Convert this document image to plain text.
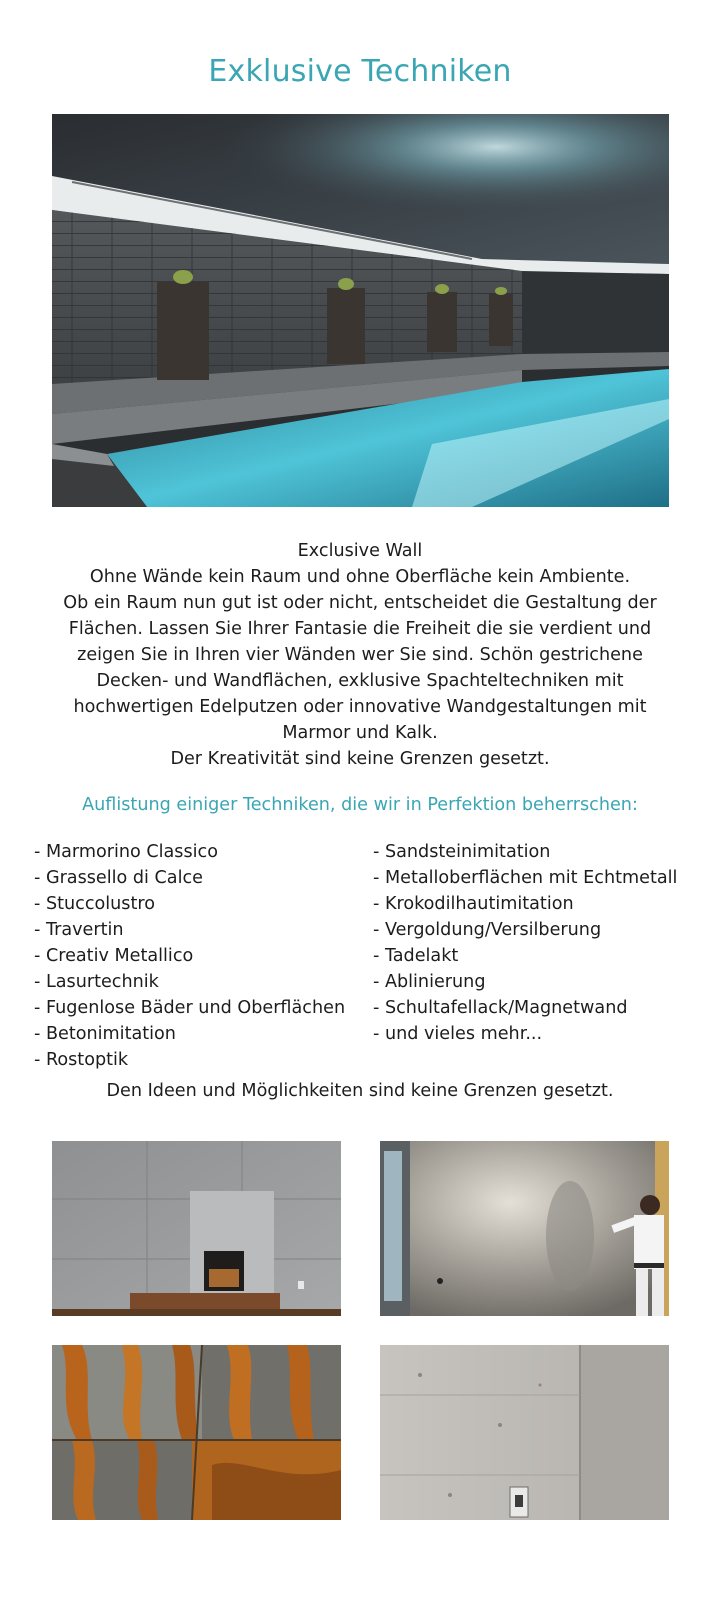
Exklusive Techniken
Exclusive Wall
Ohne Wände kein Raum und ohne Oberfläche kein Ambiente.
Ob ein Raum nun gut ist oder nicht, entscheidet die Gestaltung der
Flächen. Lassen Sie Ihrer Fantasie die Freiheit die sie verdient und
zeigen Sie in Ihren vier Wänden wer Sie sind. Schön gestrichene
Decken- und Wandflächen, exklusive Spachteltechniken mit
hochwertigen Edelputzen oder innovative Wandgestaltungen mit
Marmor und Kalk.
Der Kreativität sind keine Grenzen gesetzt.
Auflistung einiger Techniken, die wir in Perfektion beherrschen:
- Marmorino Classico
- Grassello di Calce
- Stuccolustro
- Travertin
- Creativ Metallico
- Lasurtechnik
- Fugenlose Bäder und Oberflächen
- Betonimitation
- Rostoptik
- Sandsteinimitation
- Metalloberflächen mit Echtmetall
- Krokodilhautimitation
- Vergoldung/Versilberung
- Tadelakt
- Ablinierung
- Schultafellack/Magnetwand
- und vieles mehr...
Den Ideen und Möglichkeiten sind keine Grenzen gesetzt.
